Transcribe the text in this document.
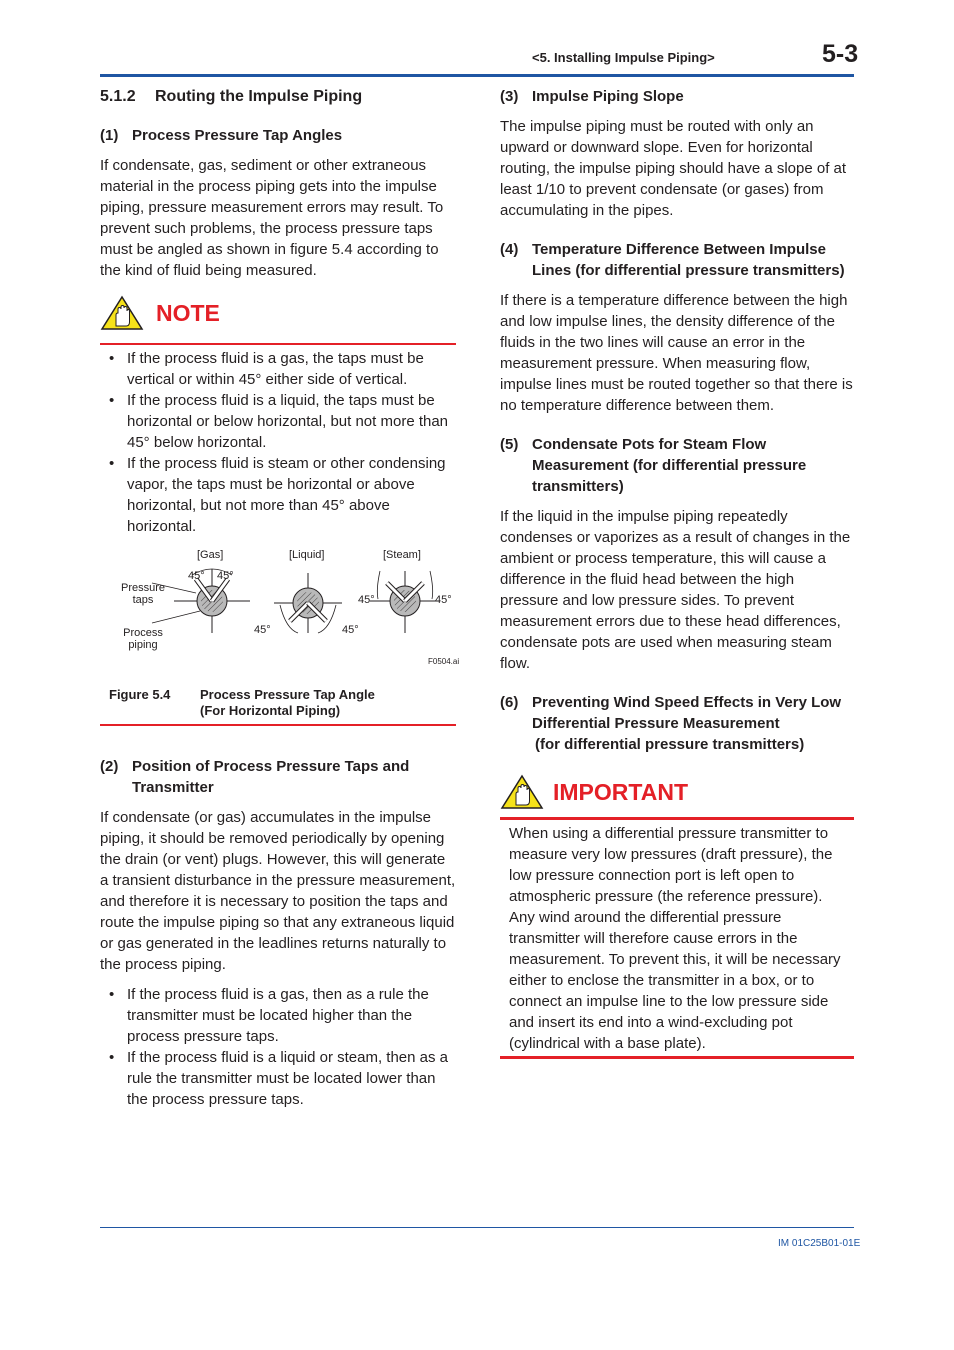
<5. Installing Impulse Piping>	5-3
5.1.2	Routing the Impulse Piping
(1) Process Pressure Tap Angles

If condensate, gas, sediment or other extraneous material in the process piping gets into the impulse piping, pressure measurement errors may result. To prevent such problems, the process pressure taps must be angled as shown in figure 5.4 according to the kind of fluid being measured.

NOTE
• If the process fluid is a gas, the taps must be vertical or within 45° either side of vertical.
• If the process fluid is a liquid, the taps must be horizontal or below horizontal, but not more than 45° below horizontal.
• If the process fluid is steam or other condensing vapor, the taps must be horizontal or above horizontal, but not more than 45° above horizontal.
[Gas]	[Liquid]	[Steam]
45° 45°
45°	45°
45°	45°
Pressure
taps
Process
piping
F0504.ai
Figure 5.4	Process Pressure Tap Angle
(For Horizontal Piping)
(2) Position of Process Pressure Taps and Transmitter

If condensate (or gas) accumulates in the impulse piping, it should be removed periodically by opening the drain (or vent) plugs. However, this will generate a transient disturbance in the pressure measurement, and therefore it is necessary to position the taps and route the impulse piping so that any extraneous liquid or gas generated in the leadlines returns naturally to the process piping.

• If the process fluid is a gas, then as a rule the transmitter must be located higher than the process pressure taps.
• If the process fluid is a liquid or steam, then as a rule the transmitter must be located lower than the process pressure taps.
(3) Impulse Piping Slope

The impulse piping must be routed with only an upward or downward slope. Even for horizontal routing, the impulse piping should have a slope of at least 1/10 to prevent condensate (or gases) from accumulating in the pipes.

(4) Temperature Difference Between Impulse Lines (for differential pressure transmitters)

If there is a temperature difference between the high and low impulse lines, the density difference of the fluids in the two lines will cause an error in the measurement pressure. When measuring flow, impulse lines must be routed together so that there is no temperature difference between them.

(5) Condensate Pots for Steam Flow Measurement (for differential pressure transmitters)

If the liquid in the impulse piping repeatedly condenses or vaporizes as a result of changes in the ambient or process temperature, this will cause a difference in the fluid head between the high pressure and low pressure sides. To prevent measurement errors due to these head differences, condensate pots are used when measuring steam flow.

(6) Preventing Wind Speed Effects in Very Low Differential Pressure Measurement
(for differential pressure transmitters)
IMPORTANT

When using a differential pressure transmitter to measure very low pressures (draft pressure), the low pressure connection port is left open to atmospheric pressure (the reference pressure). Any wind around the differential pressure transmitter will therefore cause errors in the measurement. To prevent this, it will be necessary either to enclose the transmitter in a box, or to connect an impulse line to the low pressure side and insert its end into a wind-excluding pot (cylindrical with a base plate).

IM 01C25B01-01E
